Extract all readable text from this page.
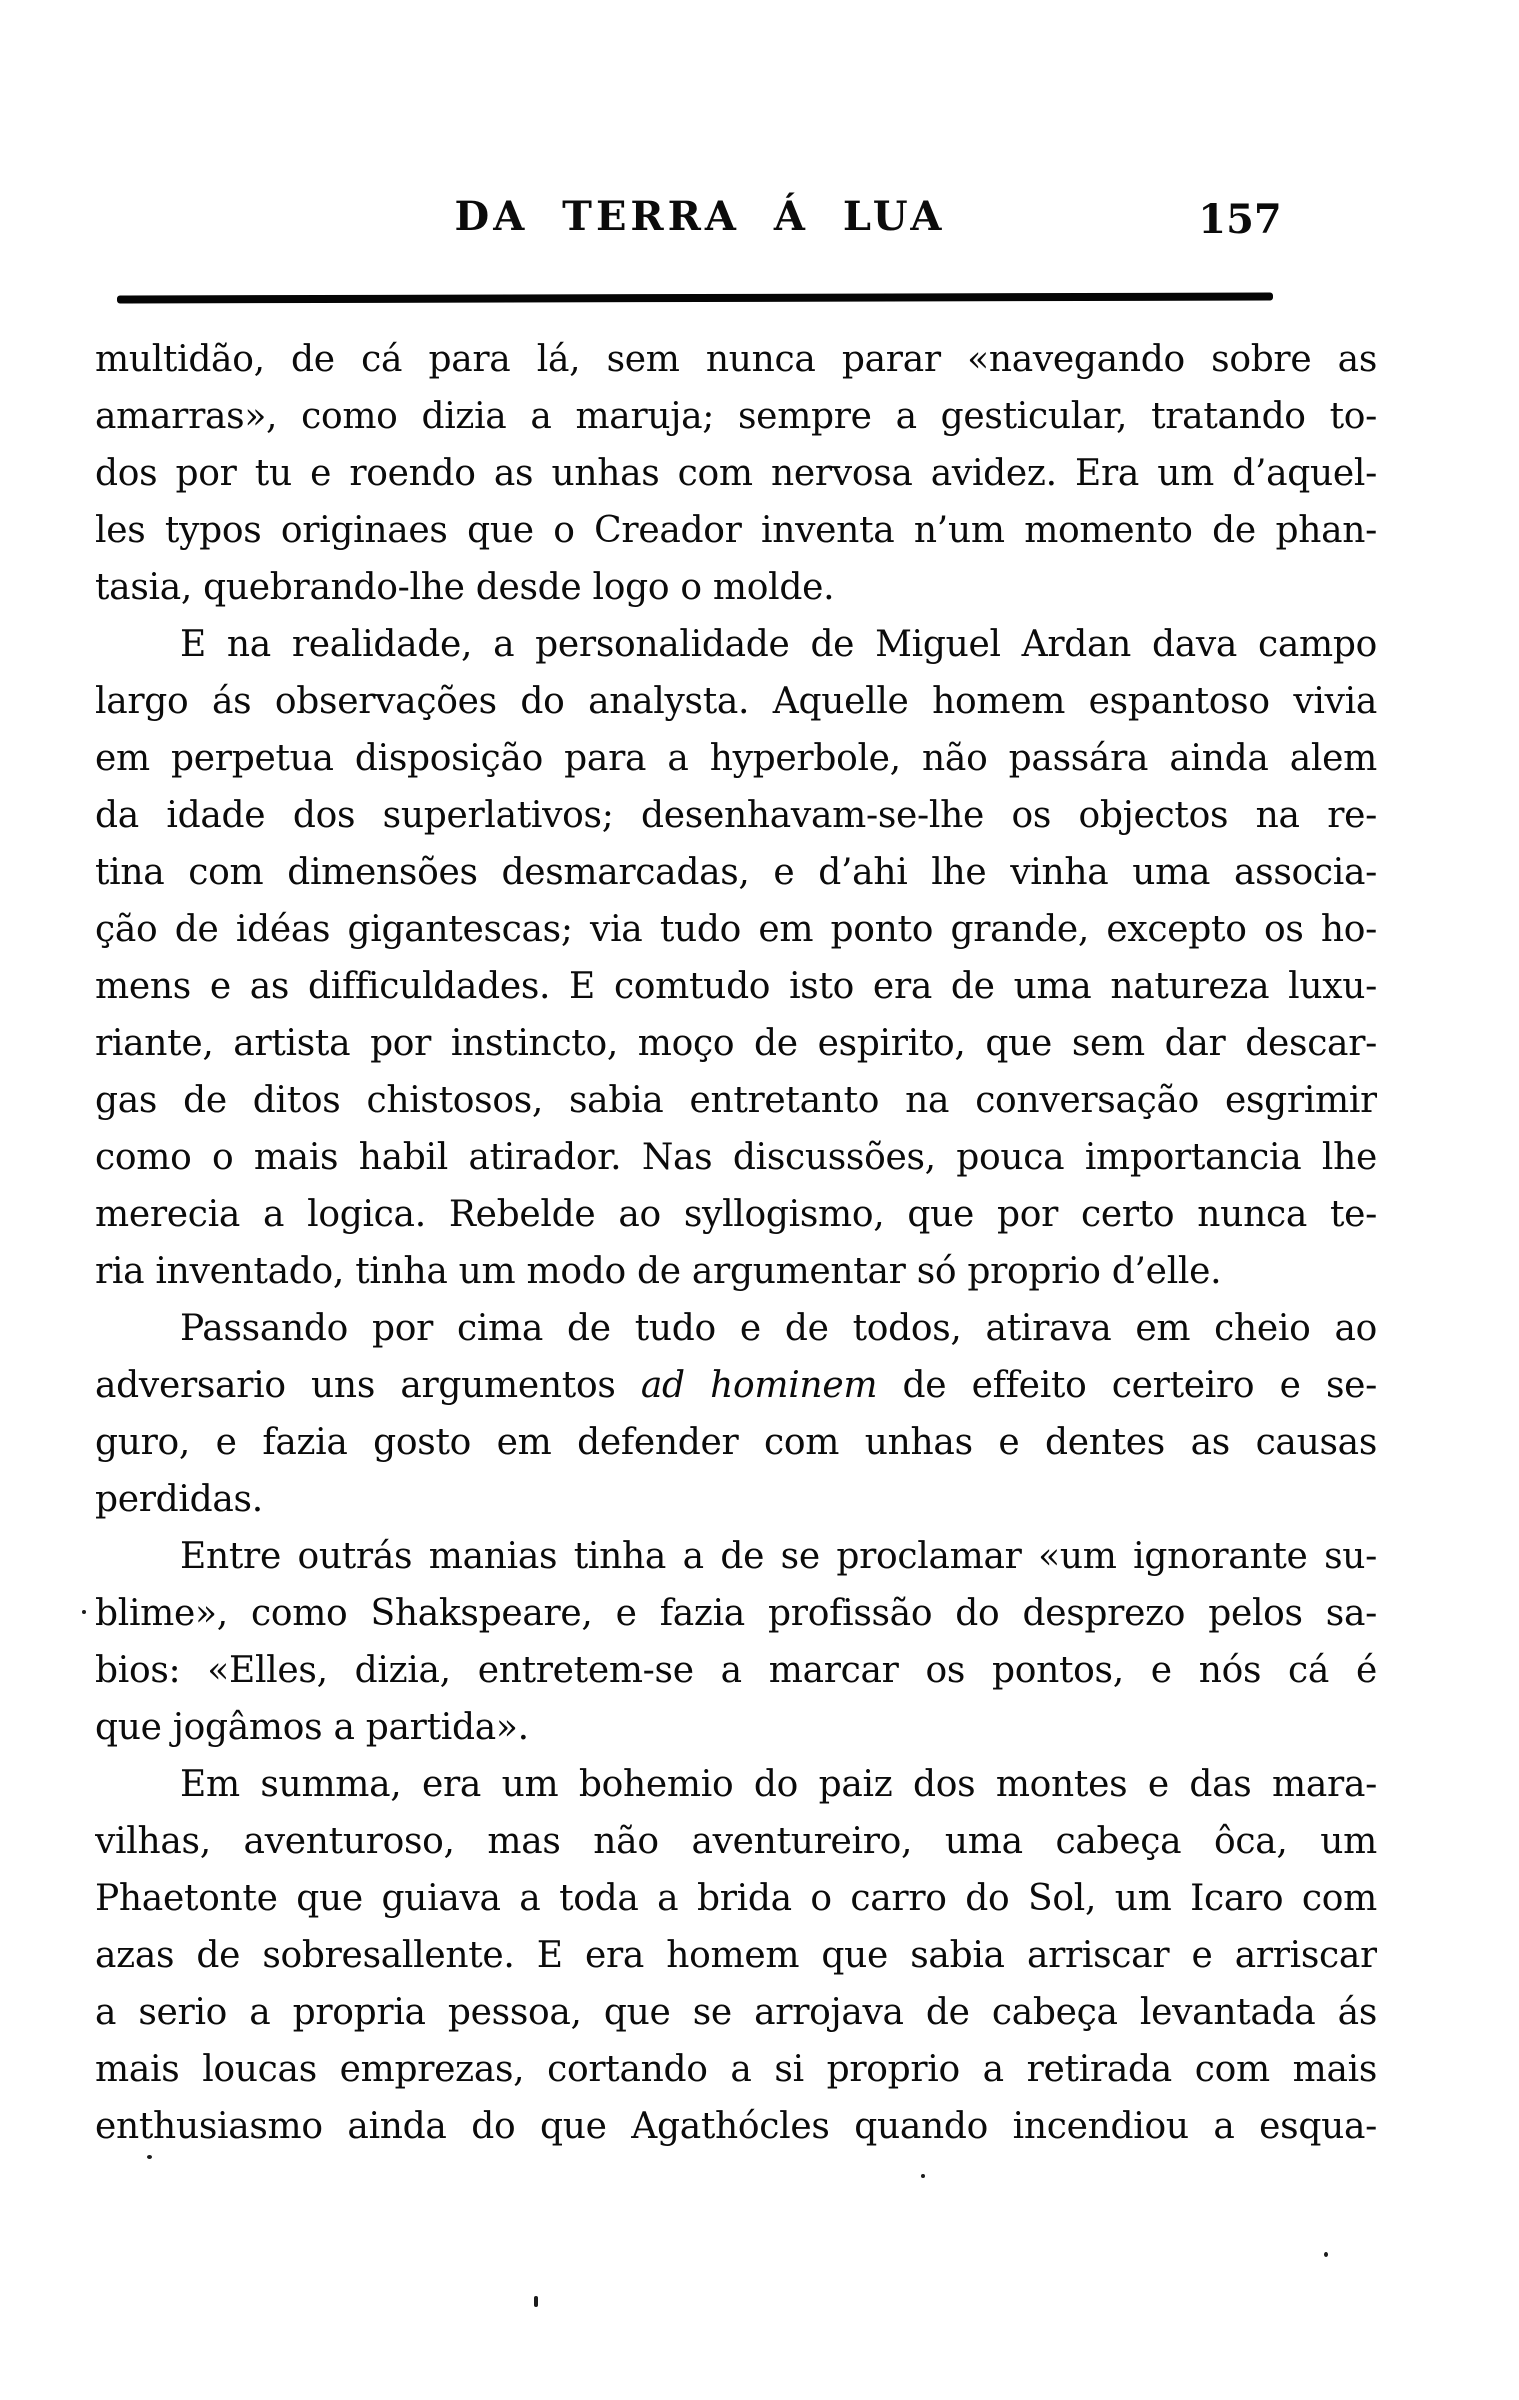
DA TERRA Á LUA	157
multidão, de cá para lá, sem nunca parar «navegando sobre as
amarras», como dizia a maruja; sempre a gesticular, tratando to-
dos por tu e roendo as unhas com nervosa avidez. Era um d’aquel-
les typos originaes que o Creador inventa n’um momento de phan-
tasia, quebrando-lhe desde logo o molde.
E na realidade, a personalidade de Miguel Ardan dava campo
largo ás observações do analysta. Aquelle homem espantoso vivia
em perpetua disposição para a hyperbole, não passára ainda alem
da idade dos superlativos; desenhavam-se-lhe os objectos na re-
tina com dimensões desmarcadas, e d’ahi lhe vinha uma associa-
ção de idéas gigantescas; via tudo em ponto grande, excepto os ho-
mens e as difficuldades. E comtudo isto era de uma natureza luxu-
riante, artista por instincto, moço de espirito, que sem dar descar-
gas de ditos chistosos, sabia entretanto na conversação esgrimir
como o mais habil atirador. Nas discussões, pouca importancia lhe
merecia a logica. Rebelde ao syllogismo, que por certo nunca te-
ria inventado, tinha um modo de argumentar só proprio d’elle.
Passando por cima de tudo e de todos, atirava em cheio ao
adversario uns argumentos ad hominem de effeito certeiro e se-
guro, e fazia gosto em defender com unhas e dentes as causas
perdidas.
Entre outrás manias tinha a de se proclamar «um ignorante su-
blime», como Shakspeare, e fazia profissão do desprezo pelos sa-
bios: «Elles, dizia, entretem-se a marcar os pontos, e nós cá é
que jogâmos a partida».
Em summa, era um bohemio do paiz dos montes e das mara-
vilhas, aventuroso, mas não aventureiro, uma cabeça ôca, um
Phaetonte que guiava a toda a brida o carro do Sol, um Icaro com
azas de sobresallente. E era homem que sabia arriscar e arriscar
a serio a propria pessoa, que se arrojava de cabeça levantada ás
mais loucas emprezas, cortando a si proprio a retirada com mais
enthusiasmo ainda do que Agathócles quando incendiou a esqua-
